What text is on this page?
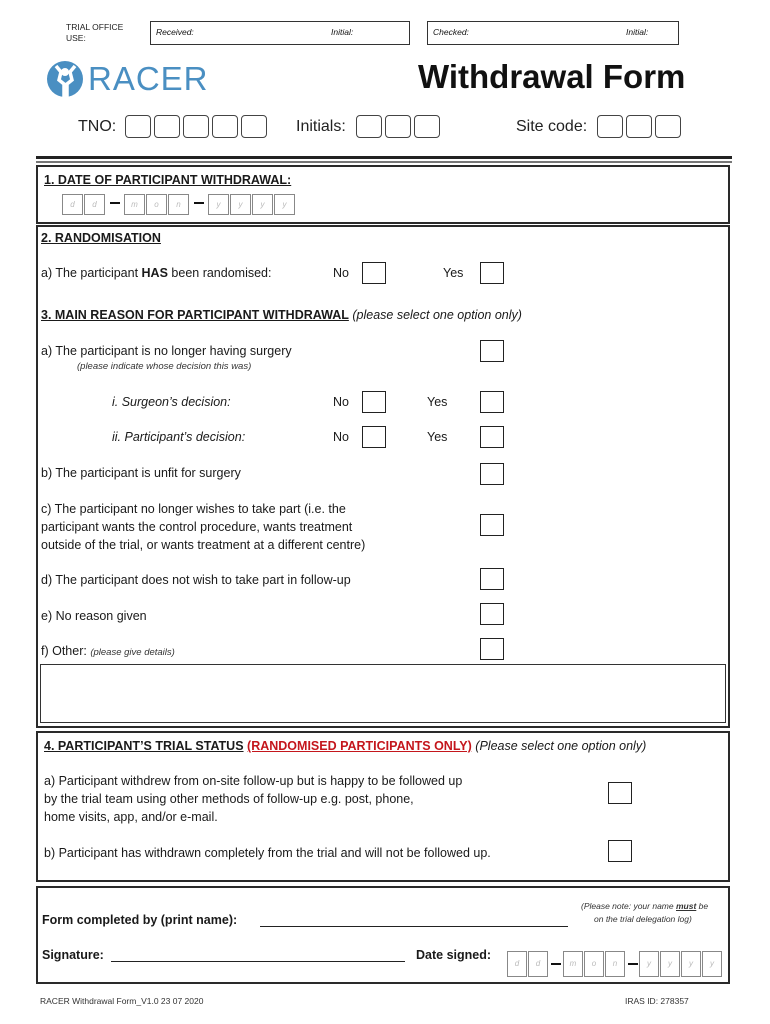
TRIAL OFFICE USE:
Received:	Initial:	Checked:	Initial:
RACER	Withdrawal Form
TNO:	Initials:	Site code:
1. DATE OF PARTICIPANT WITHDRAWAL:
d	d	m	o	n	y	y	y	y
2. RANDOMISATION
a) The participant HAS been randomised:	No	Yes
3. MAIN REASON FOR PARTICIPANT WITHDRAWAL (please select one option only)
a) The participant is no longer having surgery
(please indicate whose decision this was)
i. Surgeon’s decision:	No	Yes
ii. Participant’s decision:	No	Yes
b) The participant is unfit for surgery
c) The participant no longer wishes to take part (i.e. the
participant wants the control procedure, wants treatment
outside of the trial, or wants treatment at a different centre)
d) The participant does not wish to take part in follow-up
e) No reason given
f) Other: (please give details)
4. PARTICIPANT’S TRIAL STATUS (RANDOMISED PARTICIPANTS ONLY) (Please select one option only)
a) Participant withdrew from on-site follow-up but is happy to be followed up
by the trial team using other methods of follow-up e.g. post, phone,
home visits, app, and/or e-mail.
b) Participant has withdrawn completely from the trial and will not be followed up.
(Please note: your name must be
on the trial delegation log)
Form completed by (print name):
Signature:	Date signed:
d	d	m	o	n	y	y	y	y
RACER Withdrawal Form_V1.0 23 07 2020	IRAS ID: 278357
